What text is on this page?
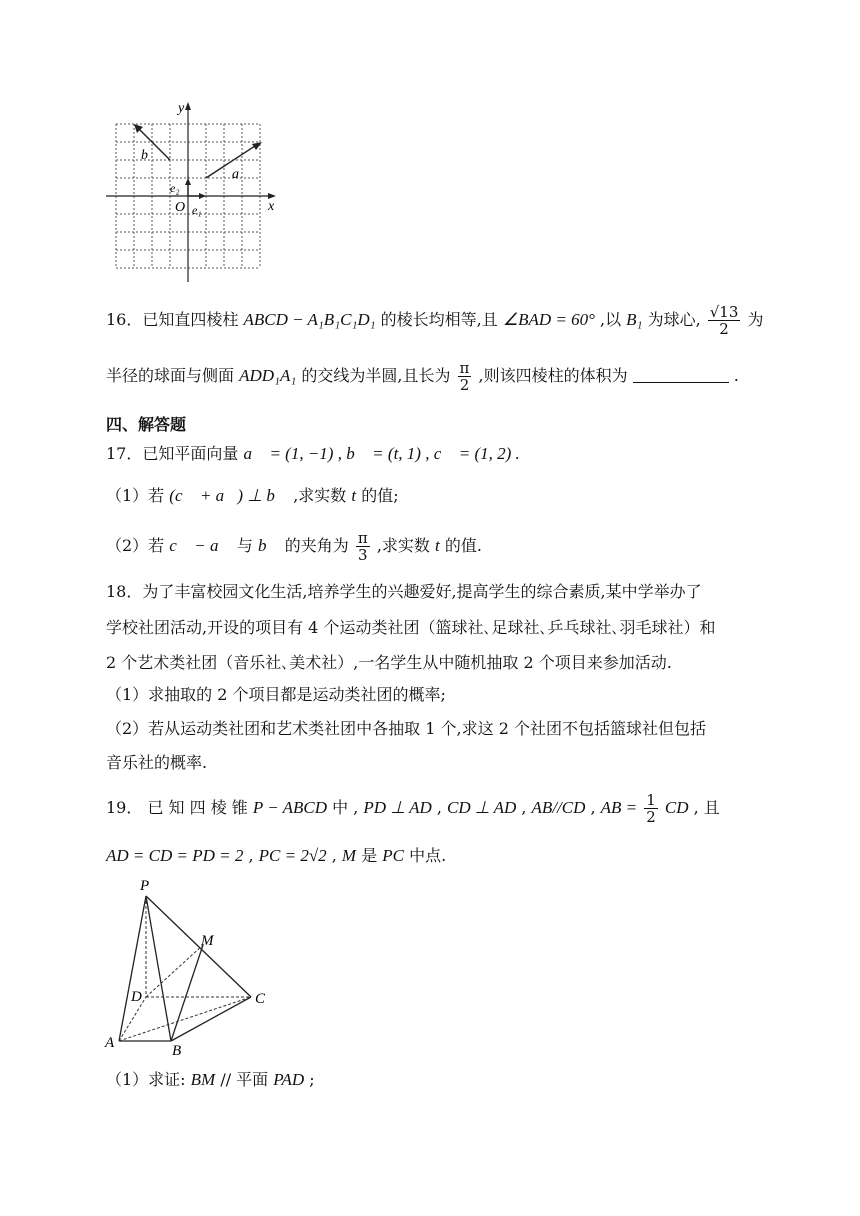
y
x
O
a
b
e₂
e₁
16．已知直四棱柱 ABCD − A₁B₁C₁D₁ 的棱长均相等,且 ∠BAD = 60° ,以 B₁ 为球心, $\frac{√13}{2}$ 为
半径的球面与侧面 ADD₁A₁ 的交线为半圆,且长为 $\frac{\pi}{2}$ ,则该四棱柱的体积为	.
四、解答题
17．已知平面向量 a⃗ = (1, −1) , b⃗ = (t, 1) , c⃗ = (1, 2) .
（1）若 (c⃗ + a⃗) ⊥ b⃗ ,求实数 t 的值;
（2）若 c⃗ − a⃗ 与 b⃗ 的夹角为 $\frac{\pi}{3}$ ,求实数 t 的值.
18．为了丰富校园文化生活,培养学生的兴趣爱好,提高学生的综合素质,某中学举办了
学校社团活动,开设的项目有 4 个运动类社团（篮球社､足球社､乒乓球社､羽毛球社）和
2 个艺术类社团（音乐社､美术社）,一名学生从中随机抽取 2 个项目来参加活动.
（1）求抽取的 2 个项目都是运动类社团的概率;
（2）若从运动类社团和艺术类社团中各抽取 1 个,求这 2 个社团不包括篮球社但包括
音乐社的概率.
19． 已 知 四 棱 锥 P − ABCD 中 , PD ⊥ AD , CD ⊥ AD , AB//CD , AB = $\frac{1}{2}$ CD , 且
AD = CD = PD = 2 , PC = 2√2 , M 是 PC 中点.
P
M
D	C
A	B
（1）求证: BM // 平面 PAD ;
